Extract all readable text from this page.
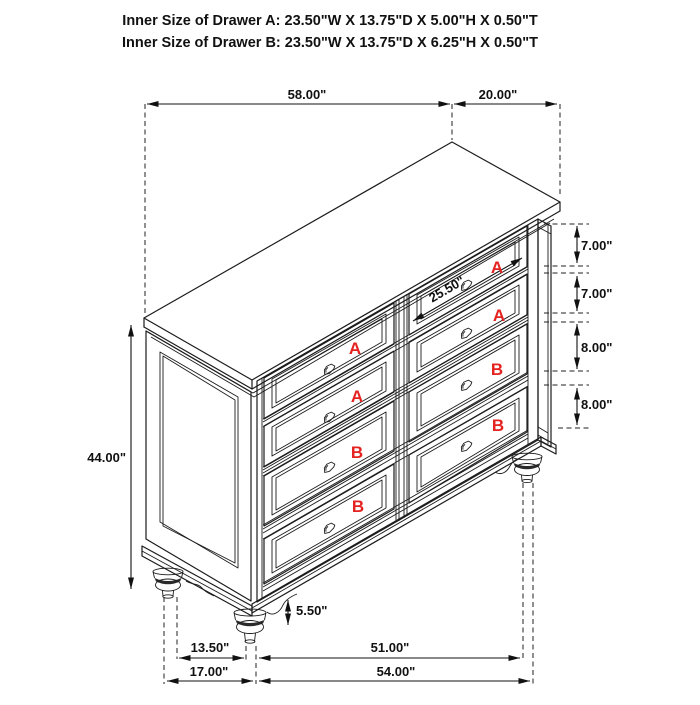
Inner Size of Drawer A: 23.50"W X 13.75"D X 5.00"H X 0.50"T
Inner Size of Drawer B: 23.50"W X 13.75"D X 6.25"H X 0.50"T
58.00"	20.00"
7.00"
7.00"
8.00"
8.00"
44.00"
25.50"
5.50"
13.50"	51.00"
17.00"	54.00"
A
A
B
B
A
A
B
B
